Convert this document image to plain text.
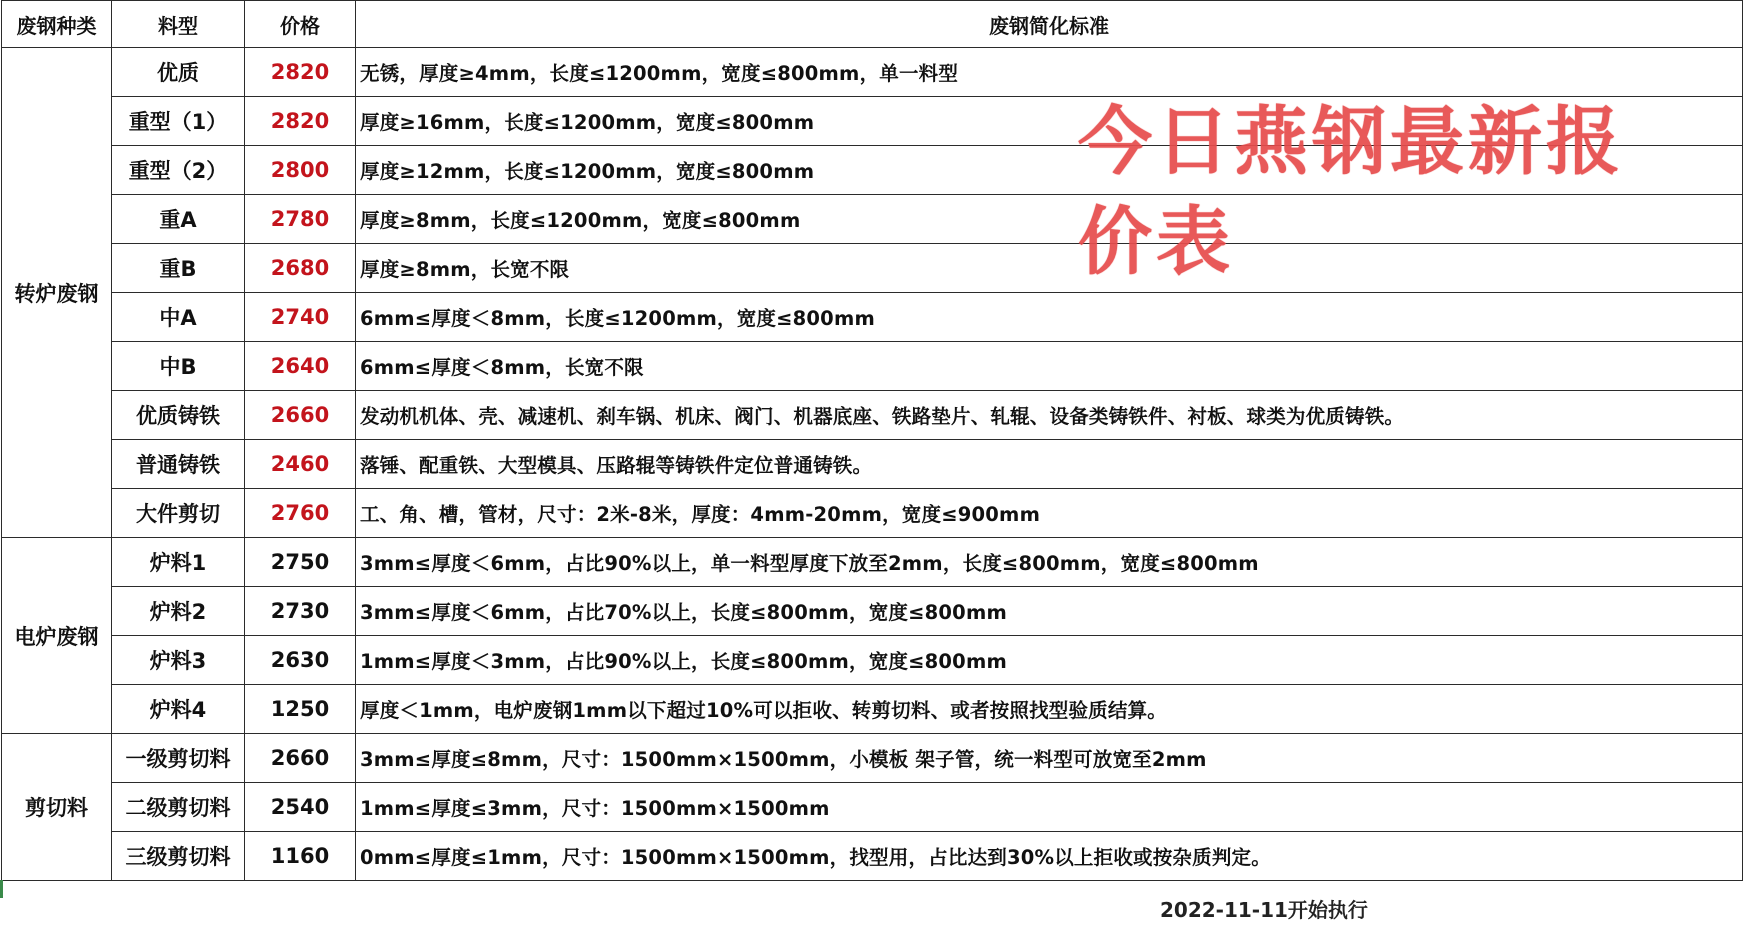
废钢种类	料型	价格	废钢简化标准
转炉废钢	优质	2820	无锈，厚度≥4mm，长度≤1200mm，宽度≤800mm，单一料型
	重型（1）	2820	厚度≥16mm，长度≤1200mm，宽度≤800mm
	重型（2）	2800	厚度≥12mm，长度≤1200mm，宽度≤800mm
	重A	2780	厚度≥8mm，长度≤1200mm，宽度≤800mm
	重B	2680	厚度≥8mm，长宽不限
	中A	2740	6mm≤厚度＜8mm，长度≤1200mm，宽度≤800mm
	中B	2640	6mm≤厚度＜8mm，长宽不限
	优质铸铁	2660	发动机机体、壳、减速机、刹车锅、机床、阀门、机器底座、铁路垫片、轧辊、设备类铸铁件、衬板、球类为优质铸铁。
	普通铸铁	2460	落锤、配重铁、大型模具、压路辊等铸铁件定位普通铸铁。
	大件剪切	2760	工、角、槽，管材，尺寸：2米-8米，厚度：4mm-20mm，宽度≤900mm
电炉废钢	炉料1	2750	3mm≤厚度＜6mm，占比90%以上，单一料型厚度下放至2mm，长度≤800mm，宽度≤800mm
	炉料2	2730	3mm≤厚度＜6mm，占比70%以上，长度≤800mm，宽度≤800mm
	炉料3	2630	1mm≤厚度＜3mm，占比90%以上，长度≤800mm，宽度≤800mm
	炉料4	1250	厚度＜1mm，电炉废钢1mm以下超过10%可以拒收、转剪切料、或者按照找型验质结算。
剪切料	一级剪切料	2660	3mm≤厚度≤8mm，尺寸：1500mm×1500mm，小模板 架子管，统一料型可放宽至2mm
	二级剪切料	2540	1mm≤厚度≤3mm，尺寸：1500mm×1500mm
	三级剪切料	1160	0mm≤厚度≤1mm，尺寸：1500mm×1500mm，找型用，占比达到30%以上拒收或按杂质判定。
今日燕钢最新报
价表
2022-11-11开始执行
